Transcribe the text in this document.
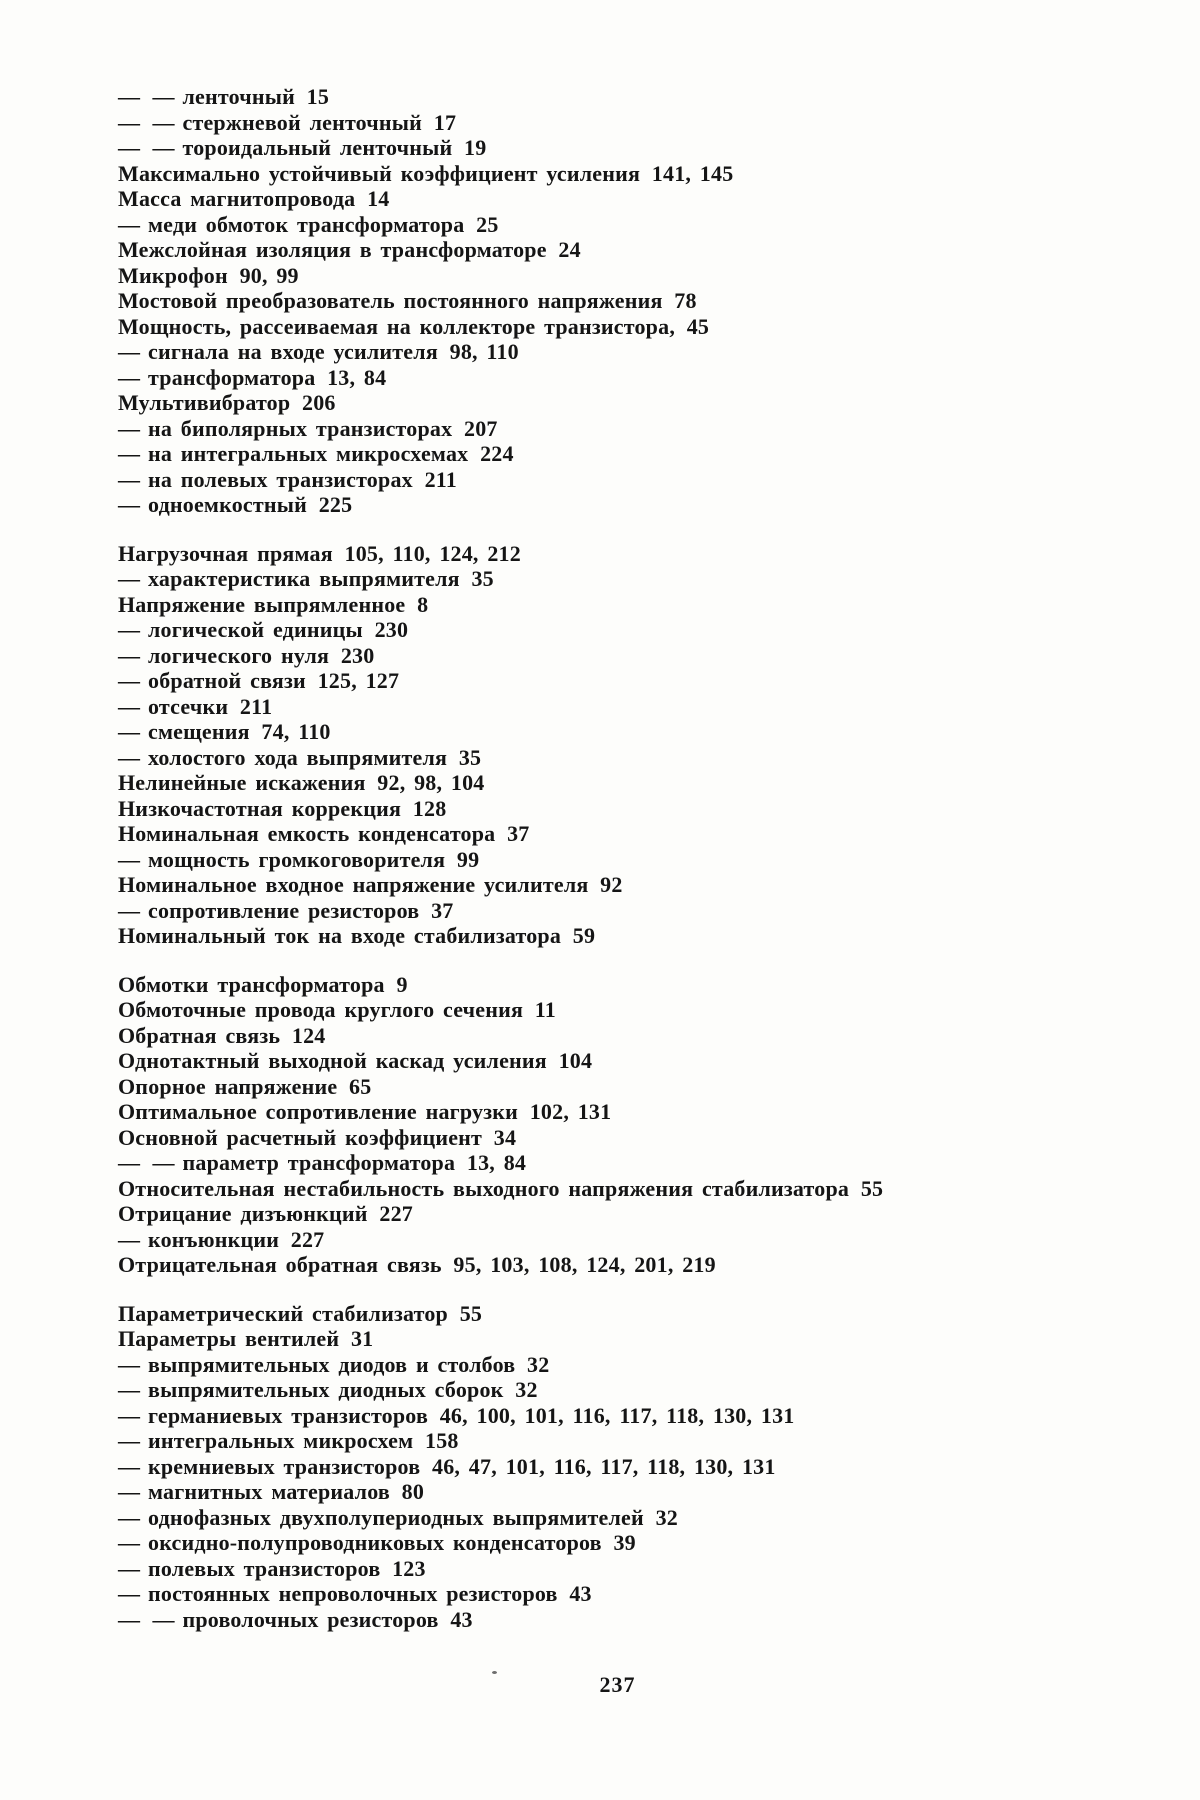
— — ленточный 15
— — стержневой ленточный 17
— — тороидальный ленточный 19
Максимально устойчивый коэффициент усиления 141, 145
Масса магнитопровода 14
— меди обмоток трансформатора 25
Межслойная изоляция в трансформаторе 24
Микрофон 90, 99
Мостовой преобразователь постоянного напряжения 78
Мощность, рассеиваемая на коллекторе транзистора, 45
— сигнала на входе усилителя 98, 110
— трансформатора 13, 84
Мультивибратор 206
— на биполярных транзисторах 207
— на интегральных микросхемах 224
— на полевых транзисторах 211
— одноемкостный 225
Нагрузочная прямая 105, 110, 124, 212
— характеристика выпрямителя 35
Напряжение выпрямленное 8
— логической единицы 230
— логического нуля 230
— обратной связи 125, 127
— отсечки 211
— смещения 74, 110
— холостого хода выпрямителя 35
Нелинейные искажения 92, 98, 104
Низкочастотная коррекция 128
Номинальная емкость конденсатора 37
— мощность громкоговорителя 99
Номинальное входное напряжение усилителя 92
— сопротивление резисторов 37
Номинальный ток на входе стабилизатора 59
Обмотки трансформатора 9
Обмоточные провода круглого сечения 11
Обратная связь 124
Однотактный выходной каскад усиления 104
Опорное напряжение 65
Оптимальное сопротивление нагрузки 102, 131
Основной расчетный коэффициент 34
— — параметр трансформатора 13, 84
Относительная нестабильность выходного напряжения стабилизатора 55
Отрицание дизъюнкций 227
— конъюнкции 227
Отрицательная обратная связь 95, 103, 108, 124, 201, 219
Параметрический стабилизатор 55
Параметры вентилей 31
— выпрямительных диодов и столбов 32
— выпрямительных диодных сборок 32
— германиевых транзисторов 46, 100, 101, 116, 117, 118, 130, 131
— интегральных микросхем 158
— кремниевых транзисторов 46, 47, 101, 116, 117, 118, 130, 131
— магнитных материалов 80
— однофазных двухполупериодных выпрямителей 32
— оксидно-полупроводниковых конденсаторов 39
— полевых транзисторов 123
— постоянных непроволочных резисторов 43
— — проволочных резисторов 43
237
